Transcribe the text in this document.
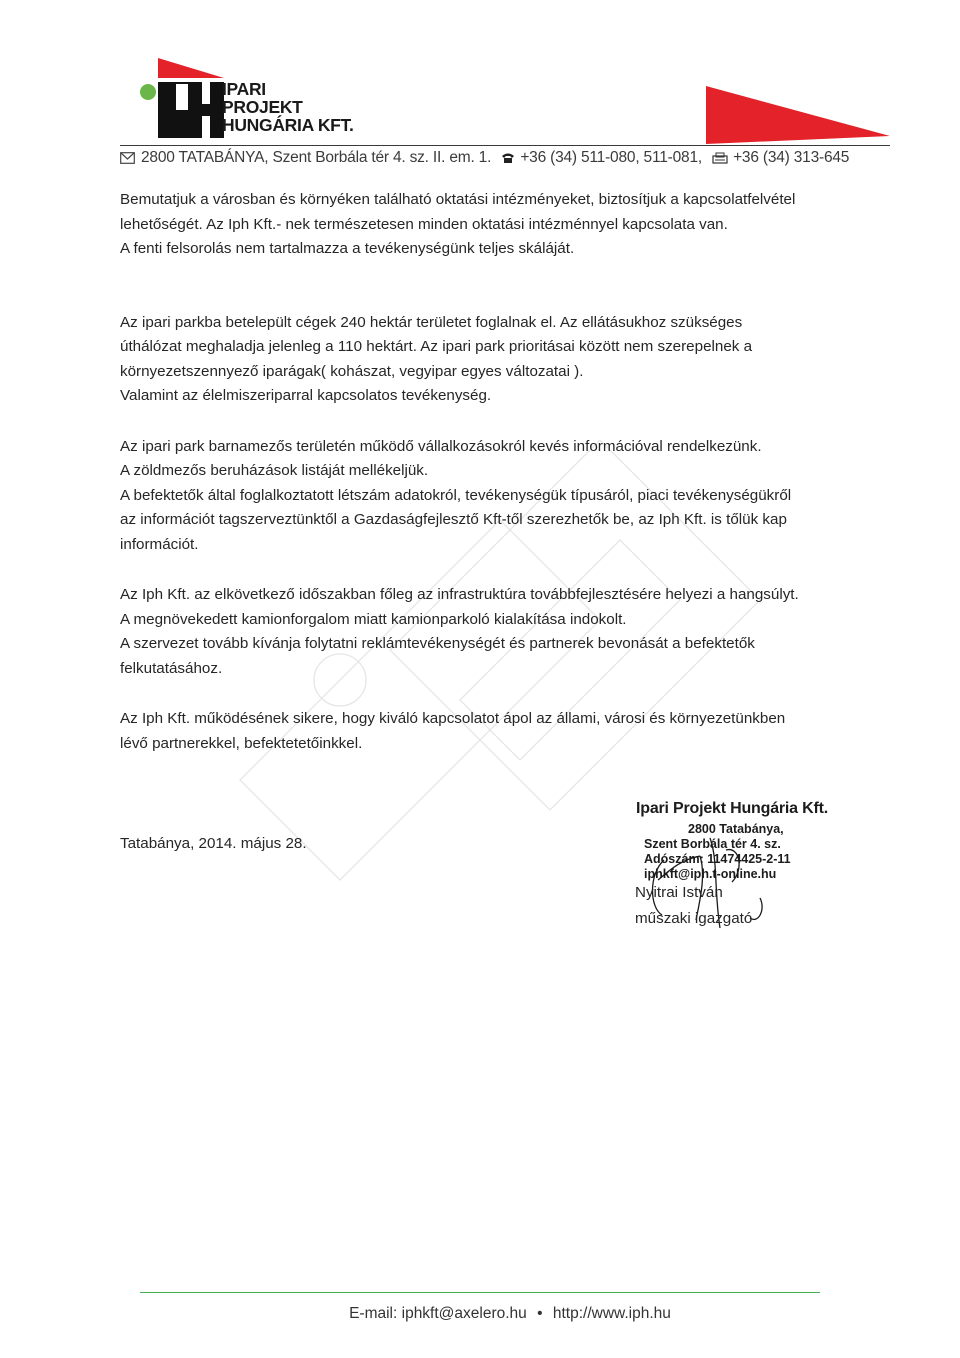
IPARI
PROJEKT
HUNGÁRIA KFT.
2800 TATABÁNYA, Szent Borbála tér 4. sz. II. em. 1. +36 (34) 511-080, 511-081, +36 (34) 313-645

Bemutatjuk a városban és környéken található oktatási intézményeket, biztosítjuk a kapcsolatfelvétel

lehetőségét. Az Iph Kft.- nek természetesen minden oktatási intézménnyel kapcsolata van.

A fenti felsorolás nem tartalmazza a tevékenységünk teljes skáláját.

Az ipari parkba betelepült cégek 240 hektár területet foglalnak el. Az ellátásukhoz szükséges

úthálózat meghaladja jelenleg a 110 hektárt. Az ipari park prioritásai között nem szerepelnek a

környezetszennyező iparágak( kohászat, vegyipar egyes változatai ).

Valamint az élelmiszeriparral kapcsolatos tevékenység.

Az ipari park barnamezős területén működő vállalkozásokról kevés információval rendelkezünk.

A zöldmezős beruházások listáját mellékeljük.

A befektetők által foglalkoztatott létszám adatokról, tevékenységük típusáról, piaci tevékenységükről

az információt tagszerveztünktől a Gazdaságfejlesztő Kft-től szerezhetők be, az Iph Kft. is tőlük kap

információt.

Az Iph Kft. az elkövetkező időszakban főleg az infrastruktúra továbbfejlesztésére helyezi a hangsúlyt.

A megnövekedett kamionforgalom miatt kamionparkoló kialakítása indokolt.

A szervezet tovább kívánja folytatni reklámtevékenységét és partnerek bevonását a befektetők

felkutatásához.

Az Iph Kft. működésének sikere, hogy kiváló kapcsolatot ápol az állami, városi és környezetünkben

lévő partnerekkel, befektetetőinkkel.

Tatabánya, 2014. május 28.
Ipari Projekt Hungária Kft.
2800 Tatabánya,
Szent Borbála tér 4. sz.
Adószám: 11474425-2-11
iphkft@iph.t-online.hu
Nyitrai István
műszaki igazgató
E-mail: iphkft@axelero.hu • http://www.iph.hu
